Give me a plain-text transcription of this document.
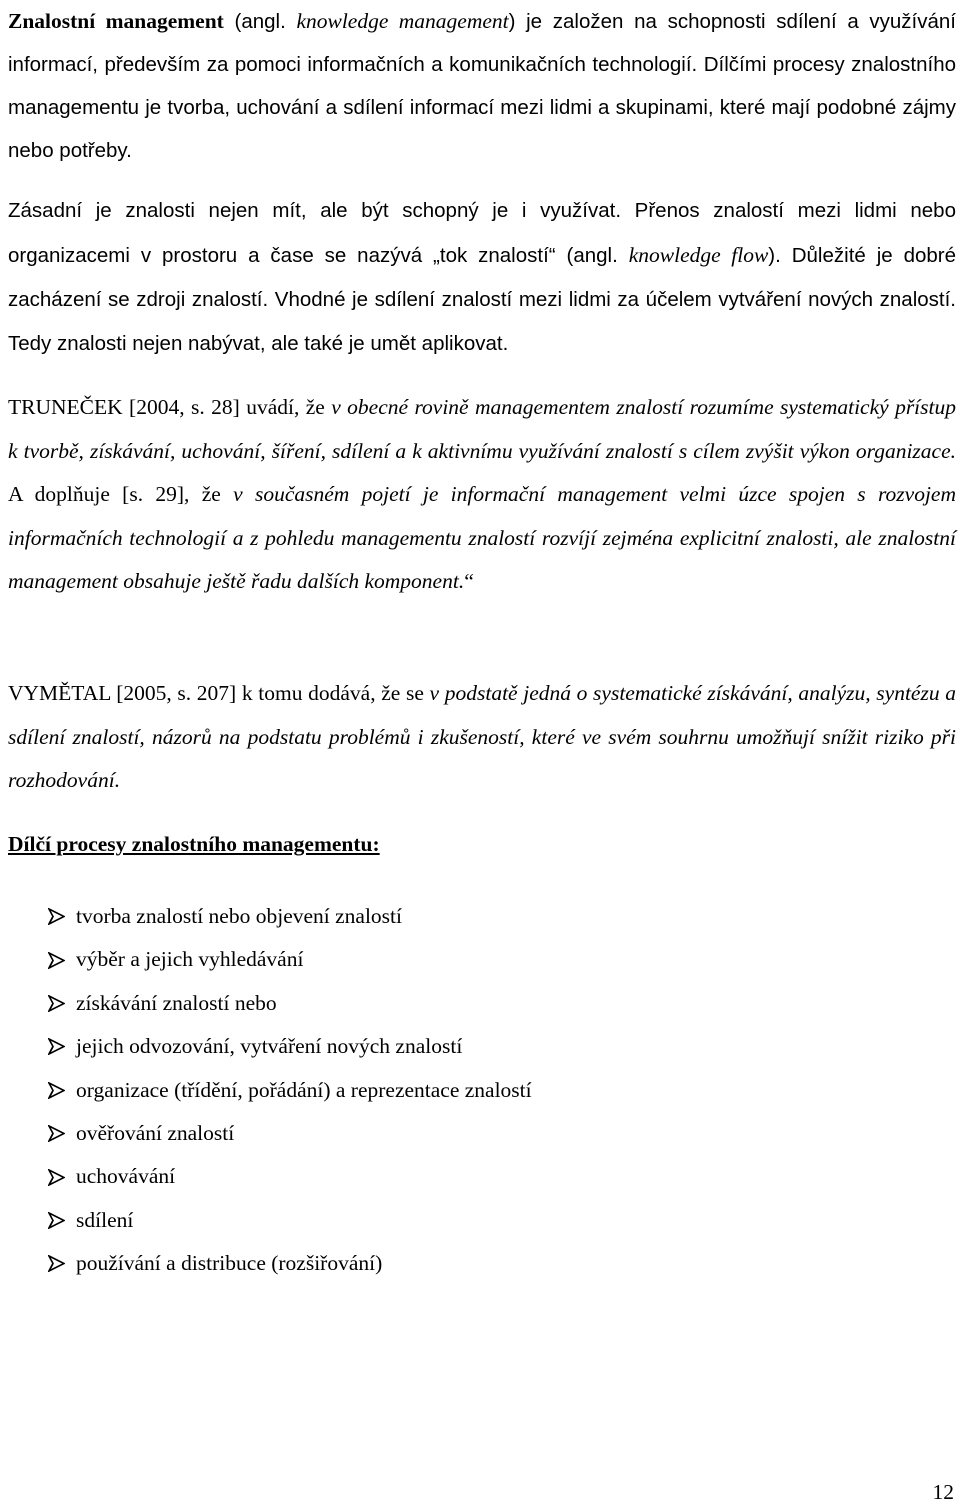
Znalostní management (angl. knowledge management) je založen na schopnosti sdílení a využívání informací, především za pomoci informačních a komunikačních technologií. Dílčími procesy znalostního managementu je tvorba, uchování a sdílení informací mezi lidmi a skupinami, které mají podobné zájmy nebo potřeby.

Zásadní je znalosti nejen mít, ale být schopný je i využívat. Přenos znalostí mezi lidmi nebo organizacemi v prostoru a čase se nazývá „tok znalostí“ (angl. knowledge flow). Důležité je dobré zacházení se zdroji znalostí. Vhodné je sdílení znalostí mezi lidmi za účelem vytváření nových znalostí. Tedy znalosti nejen nabývat, ale také je umět aplikovat.

TRUNEČEK [2004, s. 28] uvádí, že v obecné rovině managementem znalostí rozumíme systematický přístup k tvorbě, získávání, uchování, šíření, sdílení a k aktivnímu využívání znalostí s cílem zvýšit výkon organizace. A doplňuje [s. 29], že v současném pojetí je informační management velmi úzce spojen s rozvojem informačních technologií a z pohledu managementu znalostí rozvíjí zejména explicitní znalosti, ale znalostní management obsahuje ještě řadu dalších komponent.“

VYMĚTAL [2005, s. 207] k tomu dodává, že se v podstatě jedná o systematické získávání, analýzu, syntézu a sdílení znalostí, názorů na podstatu problémů i zkušeností, které ve svém souhrnu umožňují snížit riziko při rozhodování.

Dílčí procesy znalostního managementu:

tvorba znalostí nebo objevení znalostí
výběr a jejich vyhledávání
získávání znalostí nebo
jejich odvozování, vytváření nových znalostí
organizace (třídění, pořádání) a reprezentace znalostí
ověřování znalostí
uchovávání
sdílení
používání a distribuce (rozšiřování)
12
